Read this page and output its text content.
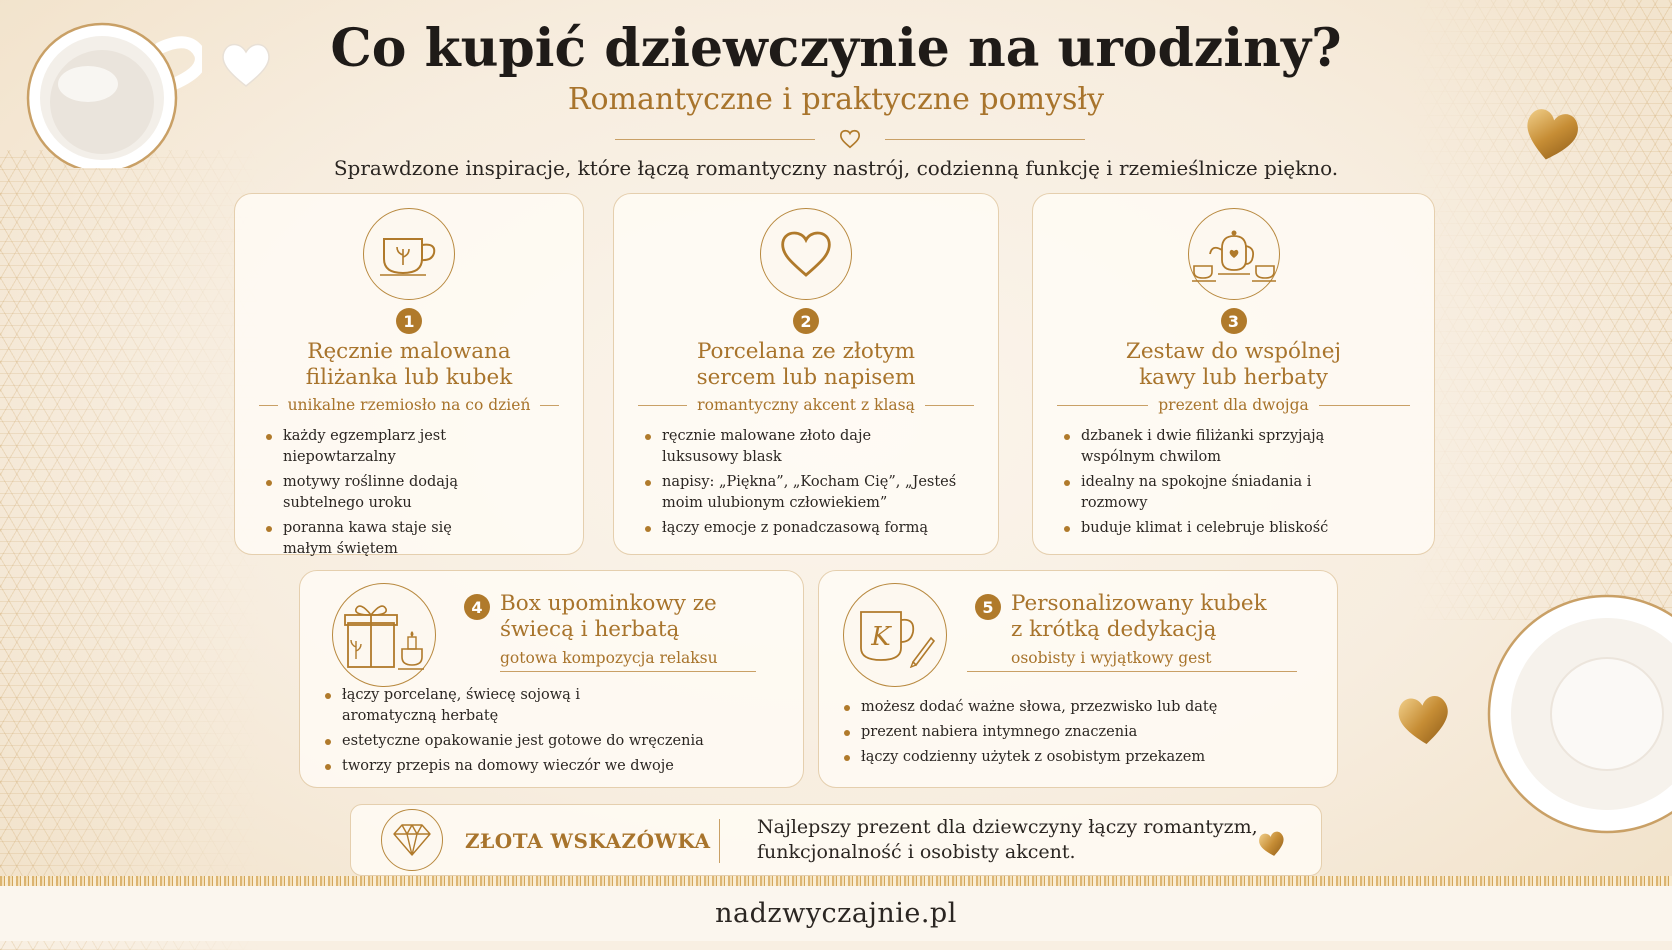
Co kupić dziewczynie na urodziny?
Romantyczne i praktyczne pomysły
Sprawdzone inspiracje, które łączą romantyczny nastrój, codzienną funkcję i rzemieślnicze piękno.
1
Ręcznie malowana
filiżanka lub kubek
unikalne rzemiosło na co dzień
każdy egzemplarz jest niepowtarzalny
motywy roślinne dodają subtelnego uroku
poranna kawa staje się małym świętem
2
Porcelana ze złotym
sercem lub napisem
romantyczny akcent z klasą
ręcznie malowane złoto daje luksusowy blask
napisy: „Piękna”, „Kocham Cię”, „Jesteś moim ulubionym człowiekiem”
łączy emocje z ponadczasową formą
3
Zestaw do wspólnej
kawy lub herbaty
prezent dla dwojga
dzbanek i dwie filiżanki sprzyjają wspólnym chwilom
idealny na spokojne śniadania i rozmowy
buduje klimat i celebruje bliskość
4 Box upominkowy ze
świecą i herbatą
gotowa kompozycja relaksu
łączy porcelanę, świecę sojową i aromatyczną herbatę
estetyczne opakowanie jest gotowe do wręczenia
tworzy przepis na domowy wieczór we dwoje
K
5 Personalizowany kubek
z krótką dedykacją
osobisty i wyjątkowy gest
możesz dodać ważne słowa, przezwisko lub datę
prezent nabiera intymnego znaczenia
łączy codzienny użytek z osobistym przekazem
ZŁOTA WSKAZÓWKA
Najlepszy prezent dla dziewczyny łączy romantyzm,
funkcjonalność i osobisty akcent.
nadzwyczajnie.pl
